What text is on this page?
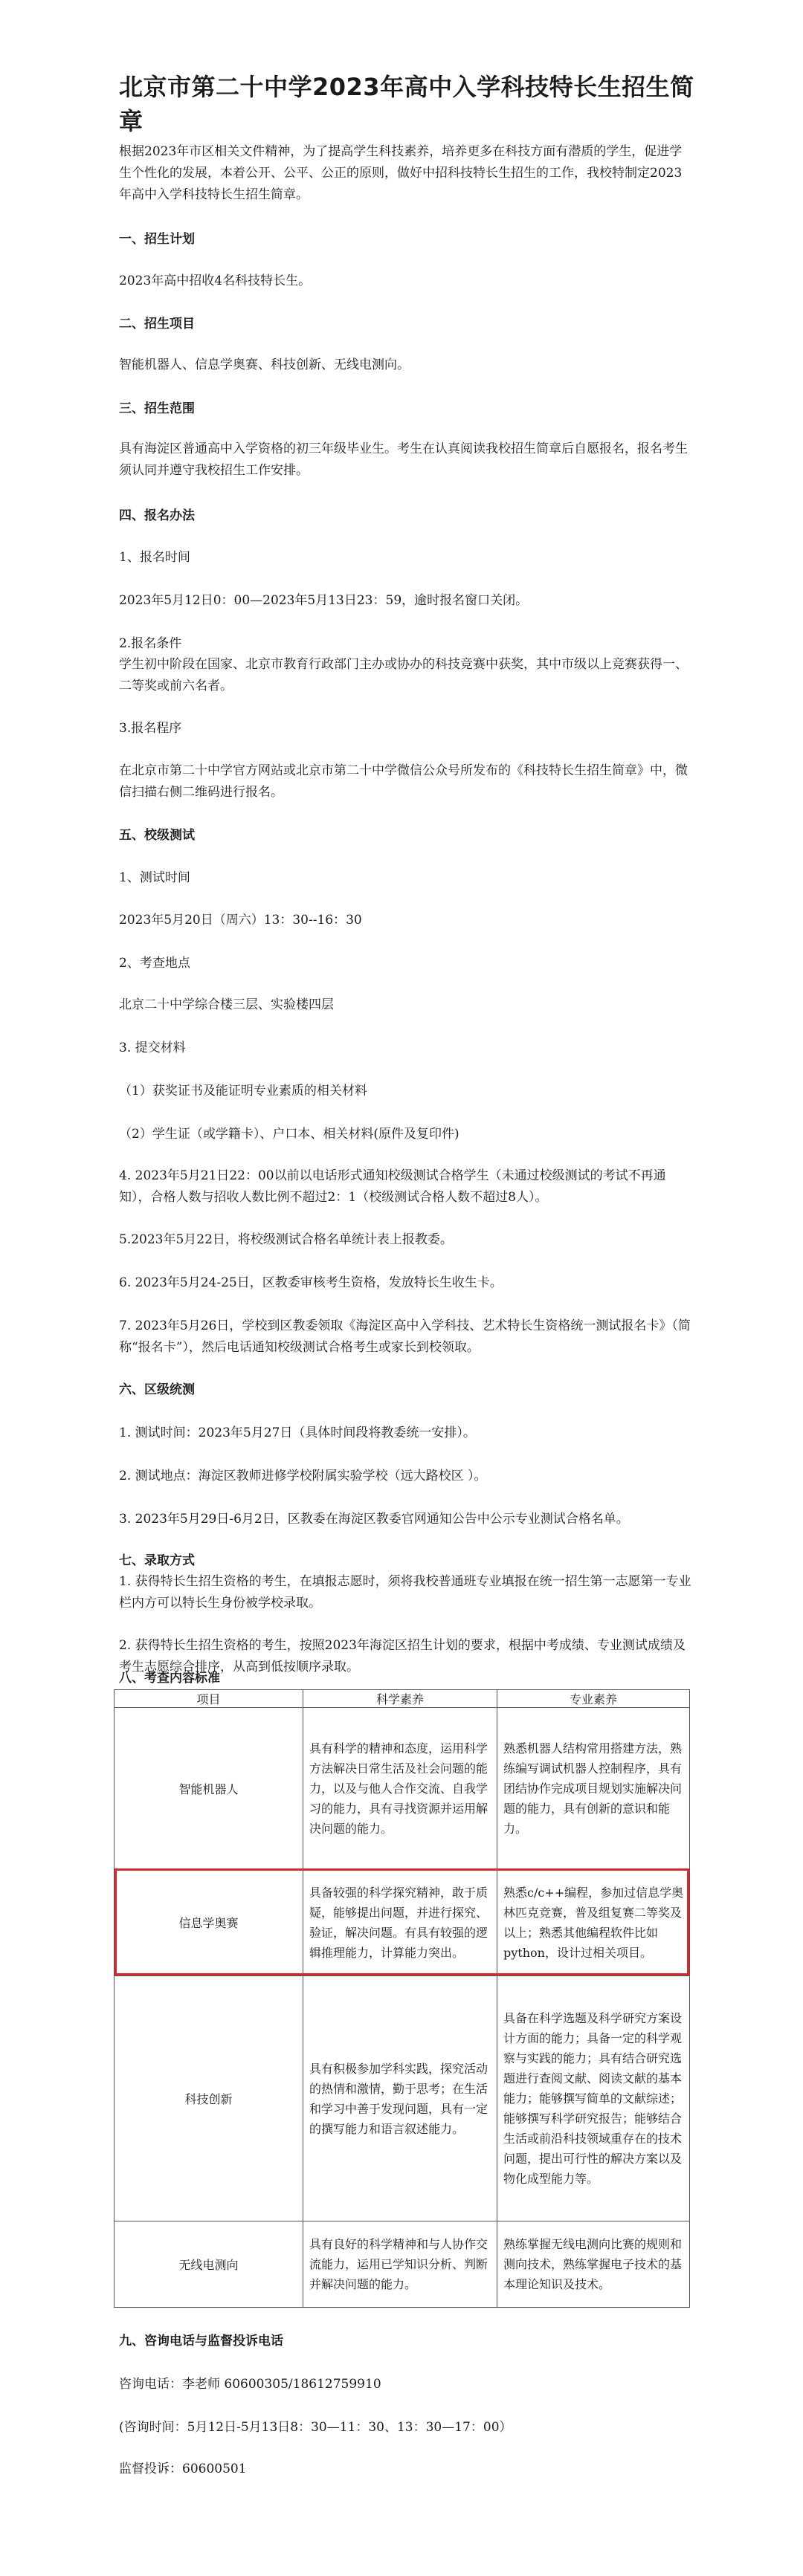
北京市第二十中学2023年高中入学科技特长生招生简章
根据2023年市区相关文件精神，为了提高学生科技素养，培养更多在科技方面有潜质的学生，促进学生个性化的发展，本着公开、公平、公正的原则，做好中招科技特长生招生的工作，我校特制定2023年高中入学科技特长生招生简章。
一、招生计划
2023年高中招收4名科技特长生。
二、招生项目
智能机器人、信息学奥赛、科技创新、无线电测向。
三、招生范围
具有海淀区普通高中入学资格的初三年级毕业生。考生在认真阅读我校招生简章后自愿报名，报名考生须认同并遵守我校招生工作安排。
四、报名办法
1、报名时间
2023年5月12日0：00—2023年5月13日23：59，逾时报名窗口关闭。
2.报名条件
学生初中阶段在国家、北京市教育行政部门主办或协办的科技竞赛中获奖，其中市级以上竞赛获得一、二等奖或前六名者。
3.报名程序
在北京市第二十中学官方网站或北京市第二十中学微信公众号所发布的《科技特长生招生简章》中，微信扫描右侧二维码进行报名。
五、校级测试
1、测试时间
2023年5月20日（周六）13：30--16：30
2、考查地点
北京二十中学综合楼三层、实验楼四层
3. 提交材料
（1）获奖证书及能证明专业素质的相关材料
（2）学生证（或学籍卡）、户口本、相关材料(原件及复印件)
4. 2023年5月21日22：00以前以电话形式通知校级测试合格学生（未通过校级测试的考试不再通知），合格人数与招收人数比例不超过2：1（校级测试合格人数不超过8人）。
5.2023年5月22日，将校级测试合格名单统计表上报教委。
6. 2023年5月24-25日，区教委审核考生资格，发放特长生收生卡。
7. 2023年5月26日，学校到区教委领取《海淀区高中入学科技、艺术特长生资格统一测试报名卡》（简称“报名卡”），然后电话通知校级测试合格考生或家长到校领取。
六、区级统测
1. 测试时间：2023年5月27日（具体时间段将教委统一安排）。
2. 测试地点：海淀区教师进修学校附属实验学校（远大路校区 ）。
3. 2023年5月29日-6月2日，区教委在海淀区教委官网通知公告中公示专业测试合格名单。
七、录取方式
1. 获得特长生招生资格的考生，在填报志愿时，须将我校普通班专业填报在统一招生第一志愿第一专业栏内方可以特长生身份被学校录取。
2. 获得特长生招生资格的考生，按照2023年海淀区招生计划的要求，根据中考成绩、专业测试成绩及考生志愿综合排序，从高到低按顺序录取。
八、考查内容标准
项目	科学素养	专业素养
智能机器人	具有科学的精神和态度，运用科学方法解决日常生活及社会问题的能力，以及与他人合作交流、自我学习的能力，具有寻找资源并运用解决问题的能力。	熟悉机器人结构常用搭建方法，熟练编写调试机器人控制程序，具有团结协作完成项目规划实施解决问题的能力，具有创新的意识和能力。
信息学奥赛	具备较强的科学探究精神，敢于质疑，能够提出问题，并进行探究、验证，解决问题。有具有较强的逻辑推理能力，计算能力突出。	熟悉c/c++编程，参加过信息学奥林匹克竞赛，普及组复赛二等奖及以上；熟悉其他编程软件比如python，设计过相关项目。
科技创新	具有积极参加学科实践，探究活动的热情和激情，勤于思考；在生活和学习中善于发现问题，具有一定的撰写能力和语言叙述能力。	具备在科学选题及科学研究方案设计方面的能力；具备一定的科学观察与实践的能力；具有结合研究选题进行查阅文献、阅读文献的基本能力；能够撰写简单的文献综述；能够撰写科学研究报告；能够结合生活或前沿科技领域重存在的技术问题，提出可行性的解决方案以及物化成型能力等。
无线电测向	具有良好的科学精神和与人协作交流能力，运用已学知识分析、判断并解决问题的能力。	熟练掌握无线电测向比赛的规则和测向技术，熟练掌握电子技术的基本理论知识及技术。
九、咨询电话与监督投诉电话
咨询电话：李老师 60600305/18612759910
(咨询时间：5月12日-5月13日8：30—11：30、13：30—17：00）
监督投诉：60600501
